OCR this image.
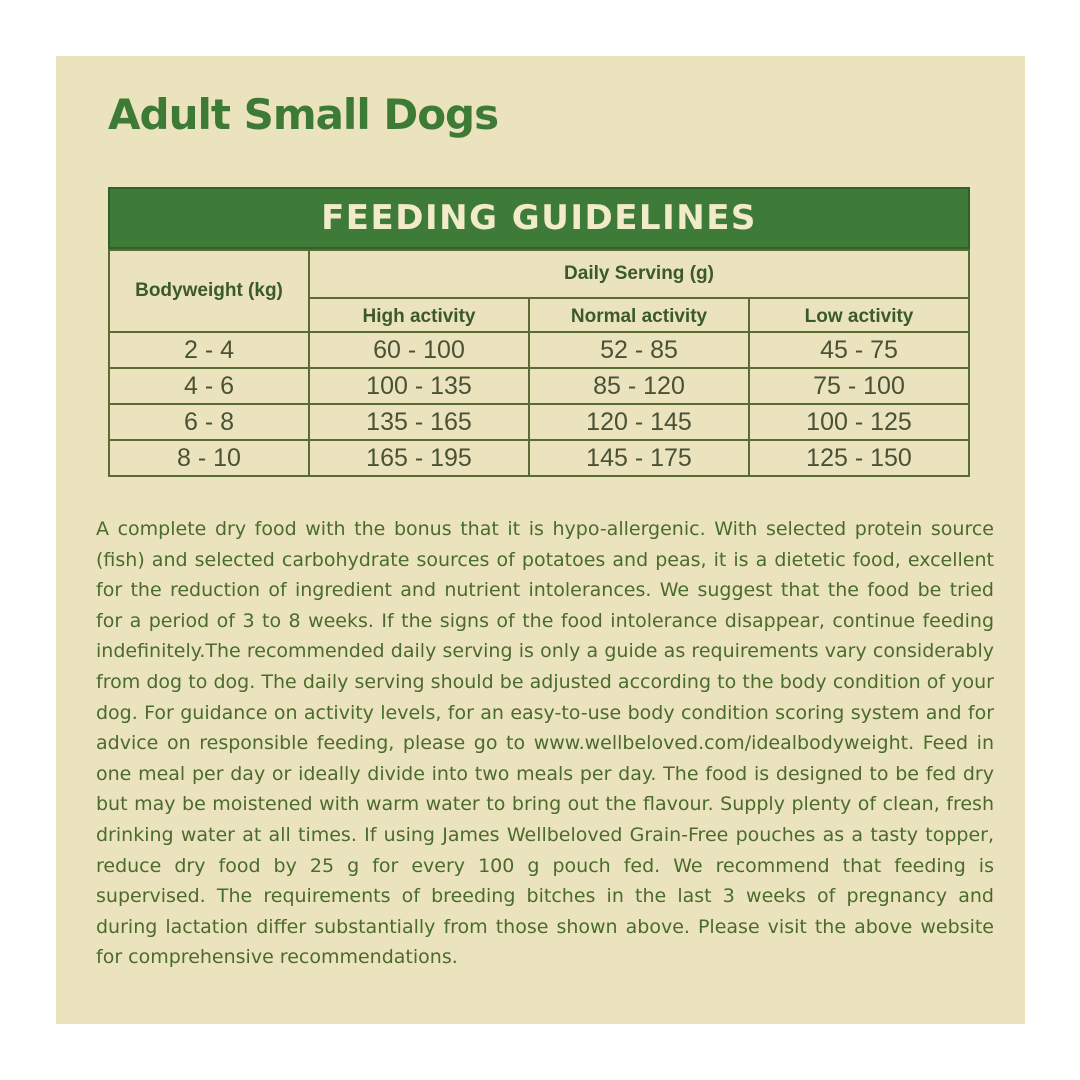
Adult Small Dogs
FEEDING GUIDELINES
Bodyweight (kg)	Daily Serving (g)		
	High activity	Normal activity	Low activity
2 - 4	60 - 100	52 - 85	45 - 75
4 - 6	100 - 135	85 - 120	75 - 100
6 - 8	135 - 165	120 - 145	100 - 125
8 - 10	165 - 195	145 - 175	125 - 150

A complete dry food with the bonus that it is hypo-allergenic. With selected protein source (fish) and selected carbohydrate sources of potatoes and peas, it is a dietetic food, excellent for the reduction of ingredient and nutrient intolerances. We suggest that the food be tried for a period of 3 to 8 weeks. If the signs of the food intolerance disappear, continue feeding indefinitely.The recommended daily serving is only a guide as requirements vary considerably from dog to dog. The daily serving should be adjusted according to the body condition of your dog. For guidance on activity levels, for an easy-to-use body condition scoring system and for advice on responsible feeding, please go to www.wellbeloved.com/idealbodyweight. Feed in one meal per day or ideally divide into two meals per day. The food is designed to be fed dry but may be moistened with warm water to bring out the flavour. Supply plenty of clean, fresh drinking water at all times. If using James Wellbeloved Grain-Free pouches as a tasty topper, reduce dry food by 25 g for every 100 g pouch fed. We recommend that feeding is supervised. The requirements of breeding bitches in the last 3 weeks of pregnancy and during lactation differ substantially from those shown above. Please visit the above website for comprehensive recommendations.
